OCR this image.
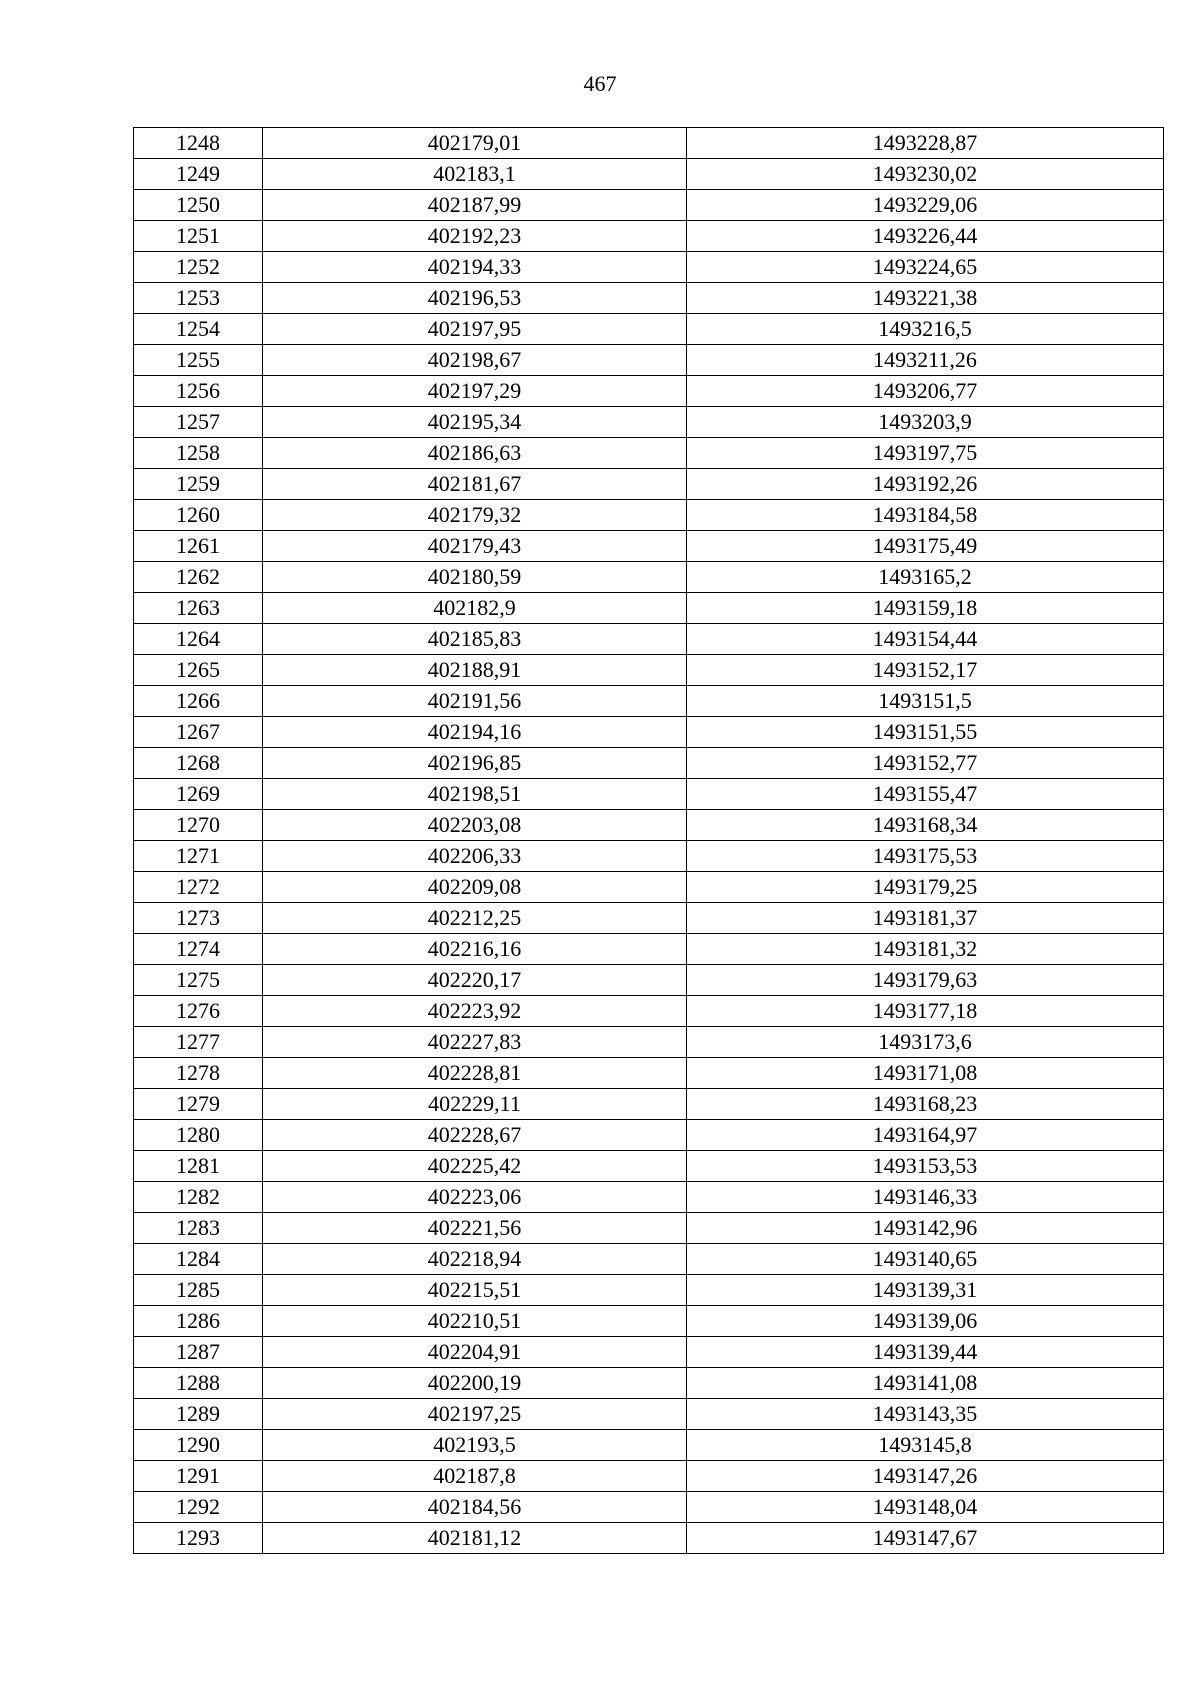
467
1248	402179,01	1493228,87
1249	402183,1	1493230,02
1250	402187,99	1493229,06
1251	402192,23	1493226,44
1252	402194,33	1493224,65
1253	402196,53	1493221,38
1254	402197,95	1493216,5
1255	402198,67	1493211,26
1256	402197,29	1493206,77
1257	402195,34	1493203,9
1258	402186,63	1493197,75
1259	402181,67	1493192,26
1260	402179,32	1493184,58
1261	402179,43	1493175,49
1262	402180,59	1493165,2
1263	402182,9	1493159,18
1264	402185,83	1493154,44
1265	402188,91	1493152,17
1266	402191,56	1493151,5
1267	402194,16	1493151,55
1268	402196,85	1493152,77
1269	402198,51	1493155,47
1270	402203,08	1493168,34
1271	402206,33	1493175,53
1272	402209,08	1493179,25
1273	402212,25	1493181,37
1274	402216,16	1493181,32
1275	402220,17	1493179,63
1276	402223,92	1493177,18
1277	402227,83	1493173,6
1278	402228,81	1493171,08
1279	402229,11	1493168,23
1280	402228,67	1493164,97
1281	402225,42	1493153,53
1282	402223,06	1493146,33
1283	402221,56	1493142,96
1284	402218,94	1493140,65
1285	402215,51	1493139,31
1286	402210,51	1493139,06
1287	402204,91	1493139,44
1288	402200,19	1493141,08
1289	402197,25	1493143,35
1290	402193,5	1493145,8
1291	402187,8	1493147,26
1292	402184,56	1493148,04
1293	402181,12	1493147,67
